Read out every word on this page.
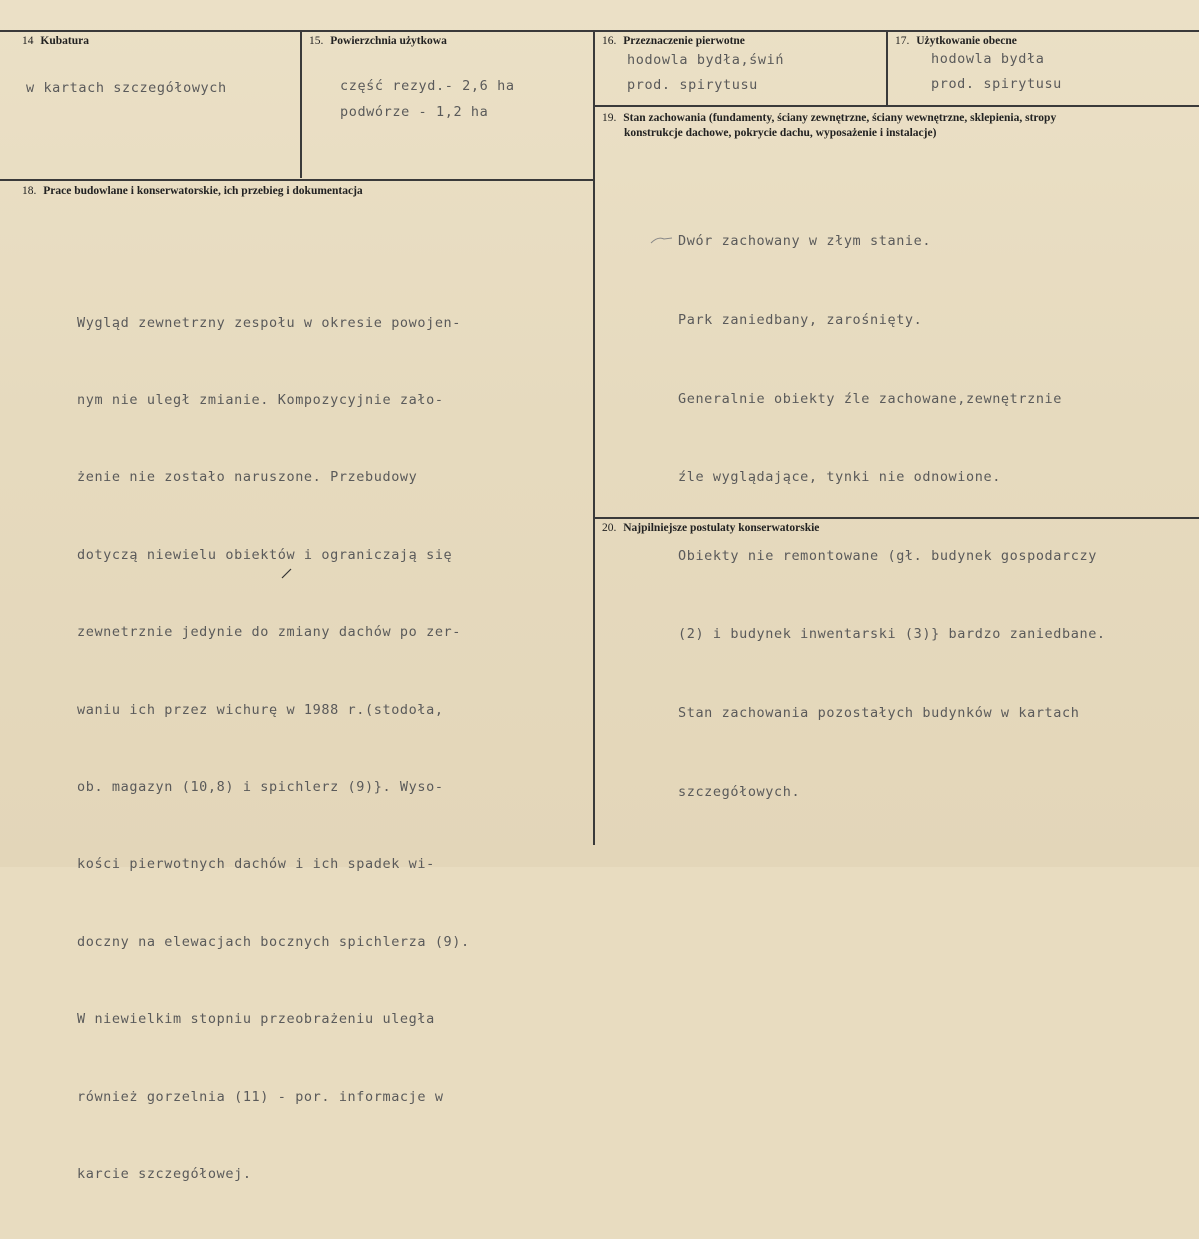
14 Kubatura
w kartach szczegółowych
15. Powierzchnia użytkowa
część rezyd.- 2,6 ha
podwórze - 1,2 ha
16. Przeznaczenie pierwotne
hodowla bydła,świń
prod. spirytusu
17. Użytkowanie obecne
hodowla bydła
prod. spirytusu
19. Stan zachowania (fundamenty, ściany zewnętrzne, ściany wewnętrzne, sklepienia, stropy
konstrukcje dachowe, pokrycie dachu, wyposażenie i instalacje)

Dwór zachowany w złym stanie.

Park zaniedbany, zarośnięty.

Generalnie obiekty źle zachowane,zewnętrznie

źle wyglądające, tynki nie odnowione.

Obiekty nie remontowane (gł. budynek gospodarczy

(2) i budynek inwentarski (3)} bardzo zaniedbane.

Stan zachowania pozostałych budynków w kartach

szczegółowych.

18. Prace budowlane i konserwatorskie, ich przebieg i dokumentacja

Wygląd zewnetrzny zespołu w okresie powojen-

nym nie uległ zmianie. Kompozycyjnie zało-

żenie nie zostało naruszone. Przebudowy

dotyczą niewielu obiektów i ograniczają się

zewnetrznie jedynie do zmiany dachów po zer-

waniu ich przez wichurę w 1988 r.(stodoła,

ob. magazyn (10,8) i spichlerz (9)}. Wyso-

kości pierwotnych dachów i ich spadek wi-

doczny na elewacjach bocznych spichlerza (9).

W niewielkim stopniu przeobrażeniu uległa

również gorzelnia (11) - por. informacje w

karcie szczegółowej.

20. Najpilniejsze postulaty konserwatorskie
